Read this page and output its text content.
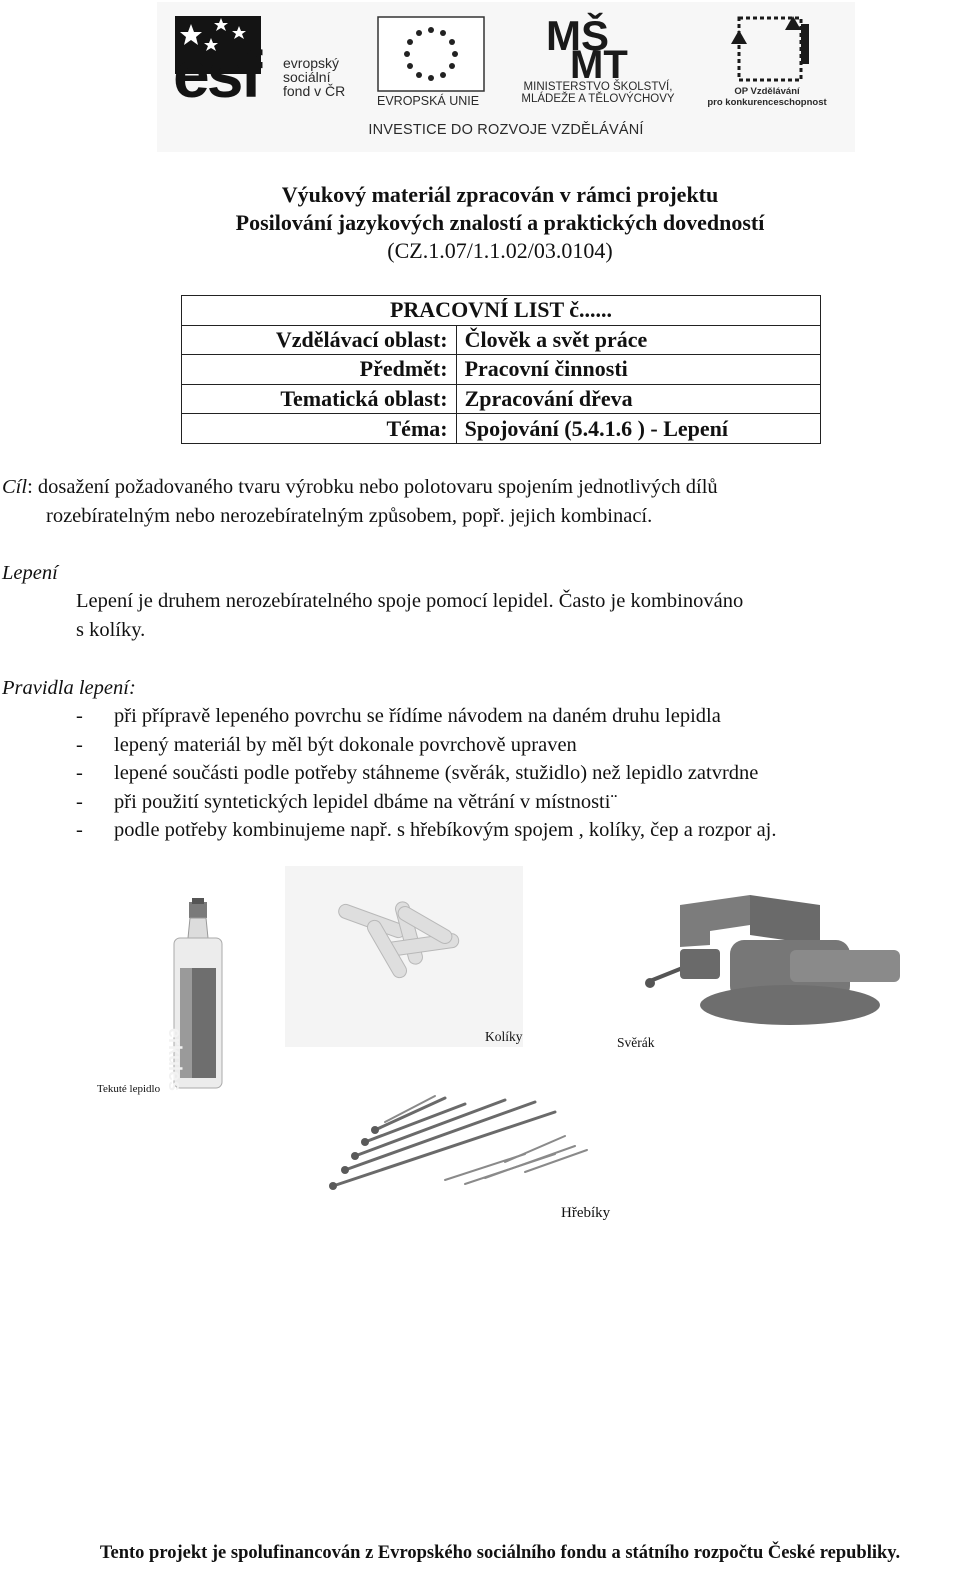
esf evropský
sociální
fond v ČR
EVROPSKÁ UNIE
MŠ
MT
MINISTERSTVO ŠKOLSTVÍ,
MLÁDEŽE A TĚLOVÝCHOVY
OP Vzdělávání
pro konkurenceschopnost
INVESTICE DO ROZVOJE VZDĚLÁVÁNÍ
Výukový materiál zpracován v rámci projektu
Posilování jazykových znalostí a praktických dovedností
(CZ.1.07/1.1.02/03.0104)
PRACOVNÍ LIST č......	
Vzdělávací oblast:	Člověk a svět práce
Předmět:	Pracovní činnosti
Tematická oblast:	Zpracování dřeva
Téma:	Spojování (5.4.1.6 ) - Lepení
Cíl: dosažení požadovaného tvaru výrobku nebo polotovaru spojením jednotlivých dílů
rozebíratelným nebo nerozebíratelným způsobem, popř. jejich kombinací.
Lepení
Lepení je druhem nerozebíratelného spoje pomocí lepidel. Často je kombinováno
s kolíky.
Pravidla lepení:
- při přípravě lepeného povrchu se řídíme návodem na daném druhu lepidla
- lepený materiál by měl být dokonale povrchově upraven
- lepené součásti podle potřeby stáhneme (svěrák, stužidlo) než lepidlo zatvrdne
- při použití syntetických lepidel dbáme na větrání v místnosti¨
- podle potřeby kombinujeme např. s hřebíkovým spojem , kolíky, čep a rozpor aj.
erkules
Tekuté lepidlo
Kolíky	Svěrák
Hřebíky
Tento projekt je spolufinancován z Evropského sociálního fondu a státního rozpočtu České republiky.
